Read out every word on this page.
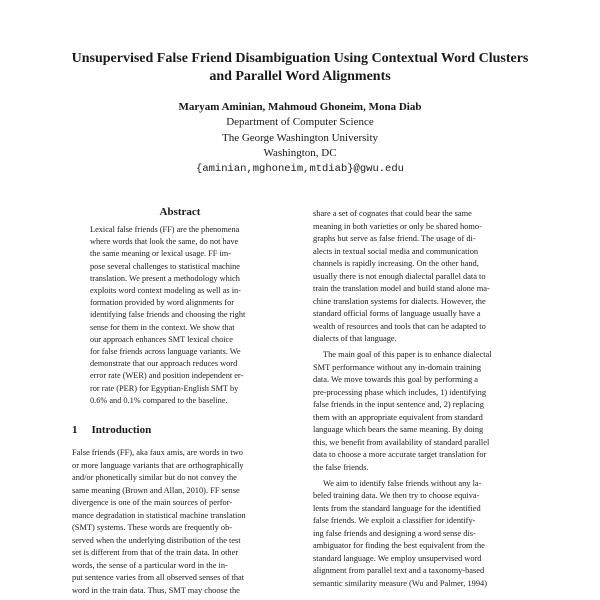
Unsupervised False Friend Disambiguation Using Contextual Word Clusters
and Parallel Word Alignments
Maryam Aminian, Mahmoud Ghoneim, Mona Diab
Department of Computer Science
The George Washington University
Washington, DC
{aminian,mghoneim,mtdiab}@gwu.edu
Abstract
Lexical false friends (FF) are the phenomena
where words that look the same, do not have
the same meaning or lexical usage. FF im-
pose several challenges to statistical machine
translation. We present a methodology which
exploits word context modeling as well as in-
formation provided by word alignments for
identifying false friends and choosing the right
sense for them in the context. We show that
our approach enhances SMT lexical choice
for false friends across language variants. We
demonstrate that our approach reduces word
error rate (WER) and position independent er-
ror rate (PER) for Egyptian-English SMT by
0.6% and 0.1% compared to the baseline.
1 Introduction
False friends (FF), aka faux amis, are words in two
or more language variants that are orthographically
and/or phonetically similar but do not convey the
same meaning (Brown and Allan, 2010). FF sense
divergence is one of the main sources of perfor-
mance degradation in statistical machine translation
(SMT) systems. These words are frequently ob-
served when the underlying distribution of the test
set is different from that of the train data. In other
words, the sense of a particular word in the in-
put sentence varies from all observed senses of that
word in the train data. Thus, SMT may choose the
share a set of cognates that could bear the same
meaning in both varieties or only be shared homo-
graphs but serve as false friend. The usage of di-
alects in textual social media and communication
channels is rapidly increasing. On the other hand,
usually there is not enough dialectal parallel data to
train the translation model and build stand alone ma-
chine translation systems for dialects. However, the
standard official forms of language usually have a
wealth of resources and tools that can be adapted to
dialects of that language.
The main goal of this paper is to enhance dialectal
SMT performance without any in-domain training
data. We move towards this goal by performing a
pre-processing phase which includes, 1) identifying
false friends in the input sentence and, 2) replacing
them with an appropriate equivalent from standard
language which bears the same meaning. By doing
this, we benefit from availability of standard parallel
data to choose a more accurate target translation for
the false friends.
We aim to identify false friends without any la-
beled training data. We then try to choose equiva-
lents from the standard language for the identified
false friends. We exploit a classifier for identify-
ing false friends and designing a word sense dis-
ambiguator for finding the best equivalent from the
standard language. We employ unsupervised word
alignment from parallel text and a taxonomy-based
semantic similarity measure (Wu and Palmer, 1994)
